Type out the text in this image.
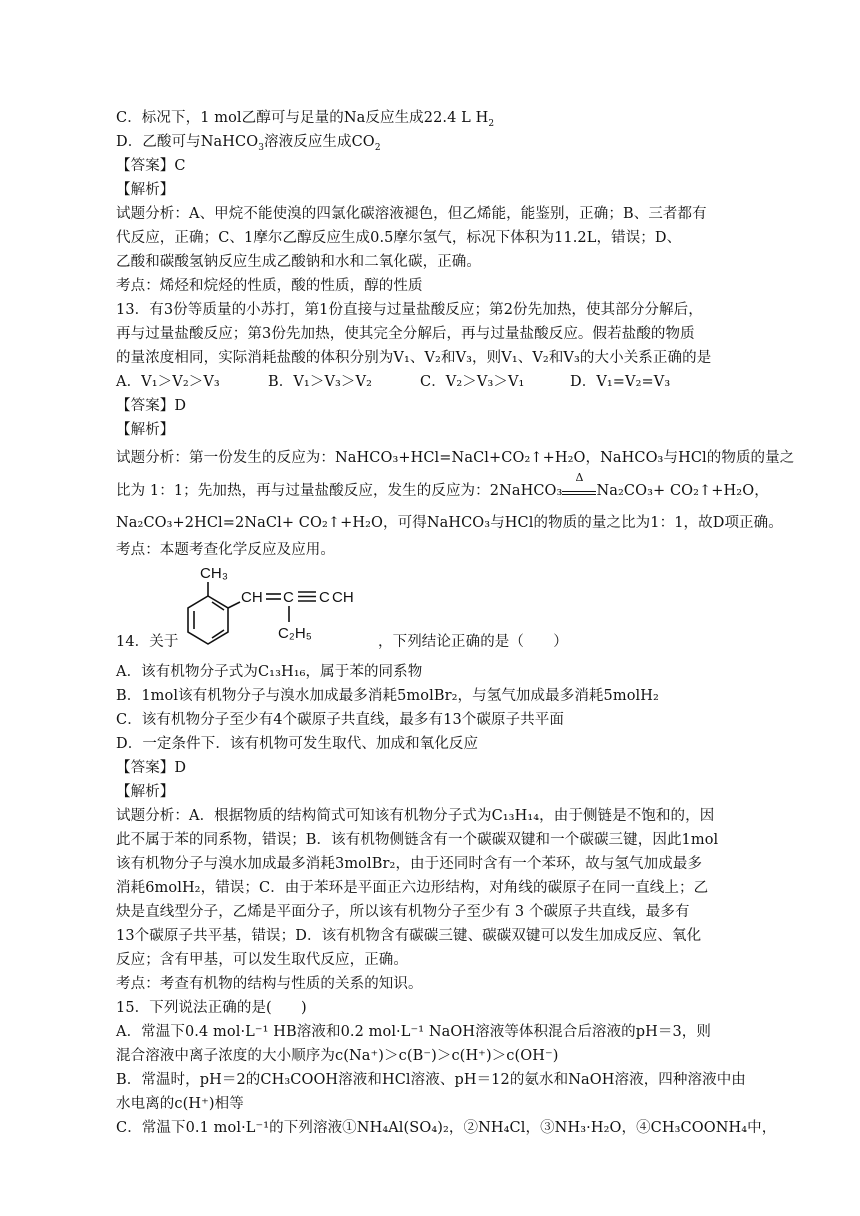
C．标况下，1 mol乙醇可与足量的Na反应生成22.4 L $H_2$
D．乙酸可与NaHCO$_3$溶液反应生成$CO_2$
【答案】C
【解析】
试题分析：A、甲烷不能使溴的四氯化碳溶液褪色，但乙烯能，能鉴别，正确；B、三者都有
代反应，正确；C、1摩尔乙醇反应生成0.5摩尔氢气，标况下体积为11.2L，错误；D、
乙酸和碳酸氢钠反应生成乙酸钠和水和二氧化碳，正确。
考点：烯烃和烷烃的性质，酸的性质，醇的性质
13．有3份等质量的小苏打，第1份直接与过量盐酸反应；第2份先加热，使其部分分解后，
再与过量盐酸反应；第3份先加热，使其完全分解后，再与过量盐酸反应。假若盐酸的物质
的量浓度相同，实际消耗盐酸的体积分别为V₁、V₂和V₃，则V₁、V₂和V₃的大小关系正确的是
A．V₁＞V₂＞V₃	B．V₁＞V₃＞V₂	C．V₂＞V₃＞V₁	D．V₁=V₂=V₃
【答案】D
【解析】
试题分析：第一份发生的反应为：NaHCO₃+HCl=NaCl+CO₂↑+H₂O，NaHCO₃与HCl的物质的量之
比为 1：1；先加热，再与过量盐酸反应，发生的反应为：2NaHCO₃
Δ
Na₂CO₃+ CO₂↑+H₂O，
Na₂CO₃+2HCl=2NaCl+ CO₂↑+H₂O，可得NaHCO₃与HCl的物质的量之比为1：1，故D项正确。
考点：本题考查化学反应及应用。
14．关于
CH₃
CH C C CH
C₂H₅	，下列结论正确的是（　　）
A．该有机物分子式为C₁₃H₁₆，属于苯的同系物
B．1mol该有机物分子与溴水加成最多消耗5molBr₂，与氢气加成最多消耗5molH₂
C．该有机物分子至少有4个碳原子共直线，最多有13个碳原子共平面
D．一定条件下．该有机物可发生取代、加成和氧化反应
【答案】D
【解析】
试题分析：A．根据物质的结构简式可知该有机物分子式为C₁₃H₁₄，由于侧链是不饱和的，因
此不属于苯的同系物，错误；B．该有机物侧链含有一个碳碳双键和一个碳碳三键，因此1mol
该有机物分子与溴水加成最多消耗3molBr₂，由于还同时含有一个苯环，故与氢气加成最多
消耗6molH₂，错误；C．由于苯环是平面正六边形结构，对角线的碳原子在同一直线上；乙
炔是直线型分子，乙烯是平面分子，所以该有机物分子至少有 3 个碳原子共直线，最多有
13个碳原子共平基，错误；D．该有机物含有碳碳三键、碳碳双键可以发生加成反应、氧化
反应；含有甲基，可以发生取代反应，正确。
考点：考查有机物的结构与性质的关系的知识。
15．下列说法正确的是(　　)
A．常温下0.4 mol·L⁻¹ HB溶液和0.2 mol·L⁻¹ NaOH溶液等体积混合后溶液的pH＝3，则
混合溶液中离子浓度的大小顺序为c(Na⁺)＞c(B⁻)＞c(H⁺)＞c(OH⁻)
B．常温时，pH＝2的CH₃COOH溶液和HCl溶液、pH＝12的氨水和NaOH溶液，四种溶液中由
水电离的c(H⁺)相等
C．常温下0.1 mol·L⁻¹的下列溶液①NH₄Al(SO₄)₂，②NH₄Cl，③NH₃·H₂O，④CH₃COONH₄中，
